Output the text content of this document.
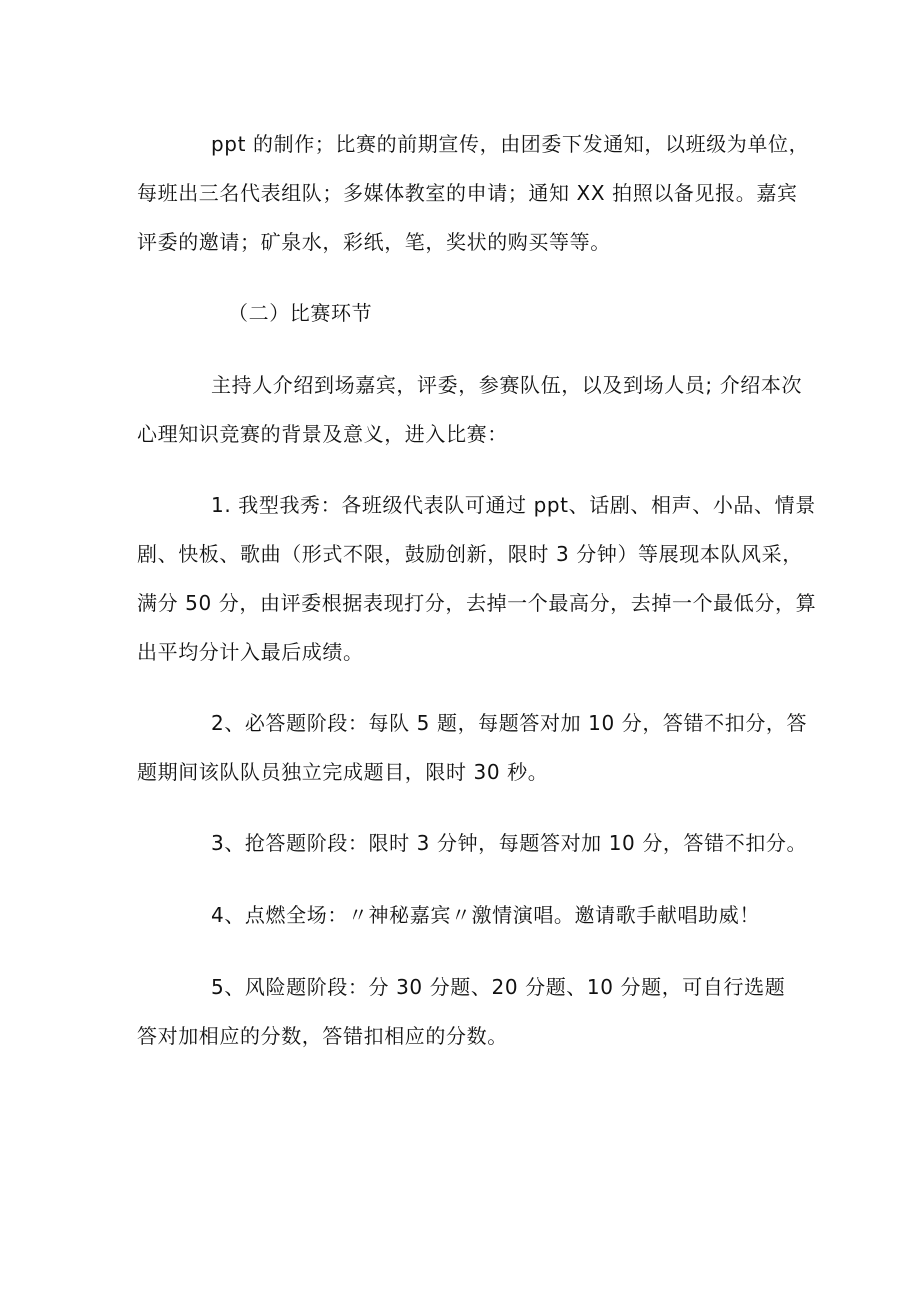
ppt 的制作；比赛的前期宣传，由团委下发通知，以班级为单位，
每班出三名代表组队；多媒体教室的申请；通知 XX 拍照以备见报。嘉宾
评委的邀请；矿泉水，彩纸，笔，奖状的购买等等。
（二）比赛环节
主持人介绍到场嘉宾，评委，参赛队伍，以及到场人员; 介绍本次
心理知识竞赛的背景及意义，进入比赛：
1. 我型我秀：各班级代表队可通过 ppt、话剧、相声、小品、情景
剧、快板、歌曲（形式不限，鼓励创新，限时 3 分钟）等展现本队风采，
满分 50 分，由评委根据表现打分，去掉一个最高分，去掉一个最低分，算
出平均分计入最后成绩。
2、必答题阶段：每队 5 题，每题答对加 10 分，答错不扣分，答
题期间该队队员独立完成题目，限时 30 秒。
3、抢答题阶段：限时 3 分钟，每题答对加 10 分，答错不扣分。
4、点燃全场：〃神秘嘉宾〃激情演唱。邀请歌手献唱助威！
5、风险题阶段：分 30 分题、20 分题、10 分题，可自行选题
答对加相应的分数，答错扣相应的分数。
